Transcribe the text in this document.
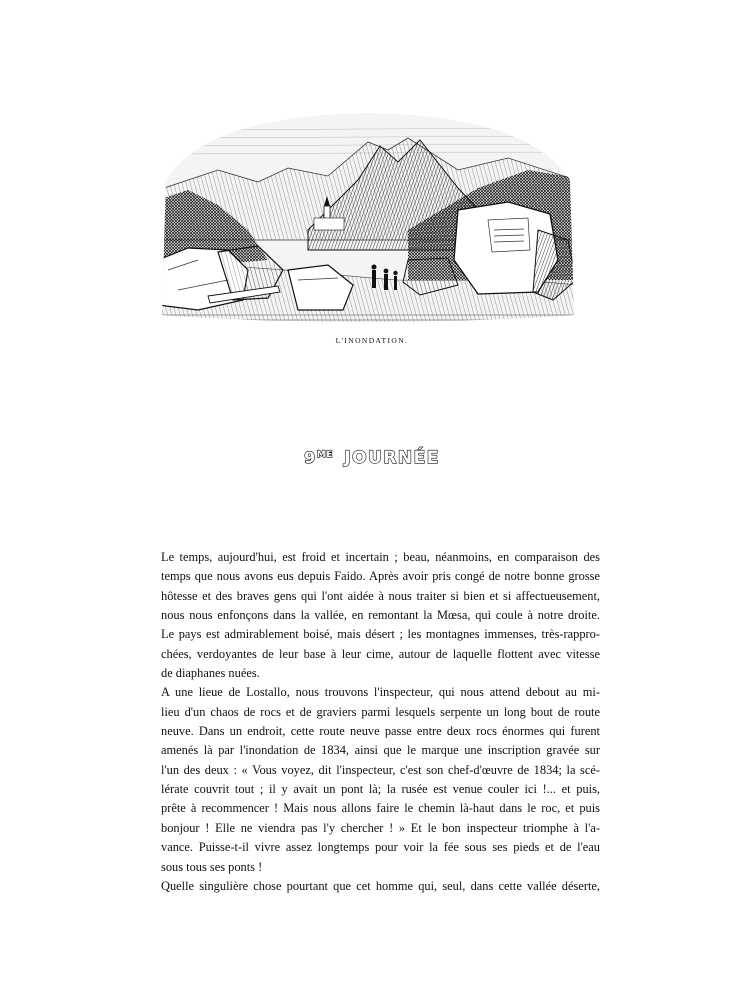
L'INONDATION.
$9^{ME}$ JOURNÉE

Le temps, aujourd'hui, est froid et incertain ; beau, néanmoins, en comparaison des
temps que nous avons eus depuis Faido. Après avoir pris congé de notre bonne grosse
hôtesse et des braves gens qui l'ont aidée à nous traiter si bien et si affectueusement,
nous nous enfonçons dans la vallée, en remontant la Mœsa, qui coule à notre droite.
Le pays est admirablement boisé, mais désert ; les montagnes immenses, très-rappro-
chées, verdoyantes de leur base à leur cime, autour de laquelle flottent avec vitesse
de diaphanes nuées.

A une lieue de Lostallo, nous trouvons l'inspecteur, qui nous attend debout au mi-
lieu d'un chaos de rocs et de graviers parmi lesquels serpente un long bout de route
neuve. Dans un endroit, cette route neuve passe entre deux rocs énormes qui furent
amenés là par l'inondation de 1834, ainsi que le marque une inscription gravée sur
l'un des deux : « Vous voyez, dit l'inspecteur, c'est son chef-d'œuvre de 1834; la scé-
lérate couvrit tout ; il y avait un pont là; la rusée est venue couler ici !... et puis,
prête à recommencer ! Mais nous allons faire le chemin là-haut dans le roc, et puis
bonjour ! Elle ne viendra pas l'y chercher ! » Et le bon inspecteur triomphe à l'a-
vance. Puisse-t-il vivre assez longtemps pour voir la fée sous ses pieds et de l'eau
sous tous ses ponts !

Quelle singulière chose pourtant que cet homme qui, seul, dans cette vallée déserte,
